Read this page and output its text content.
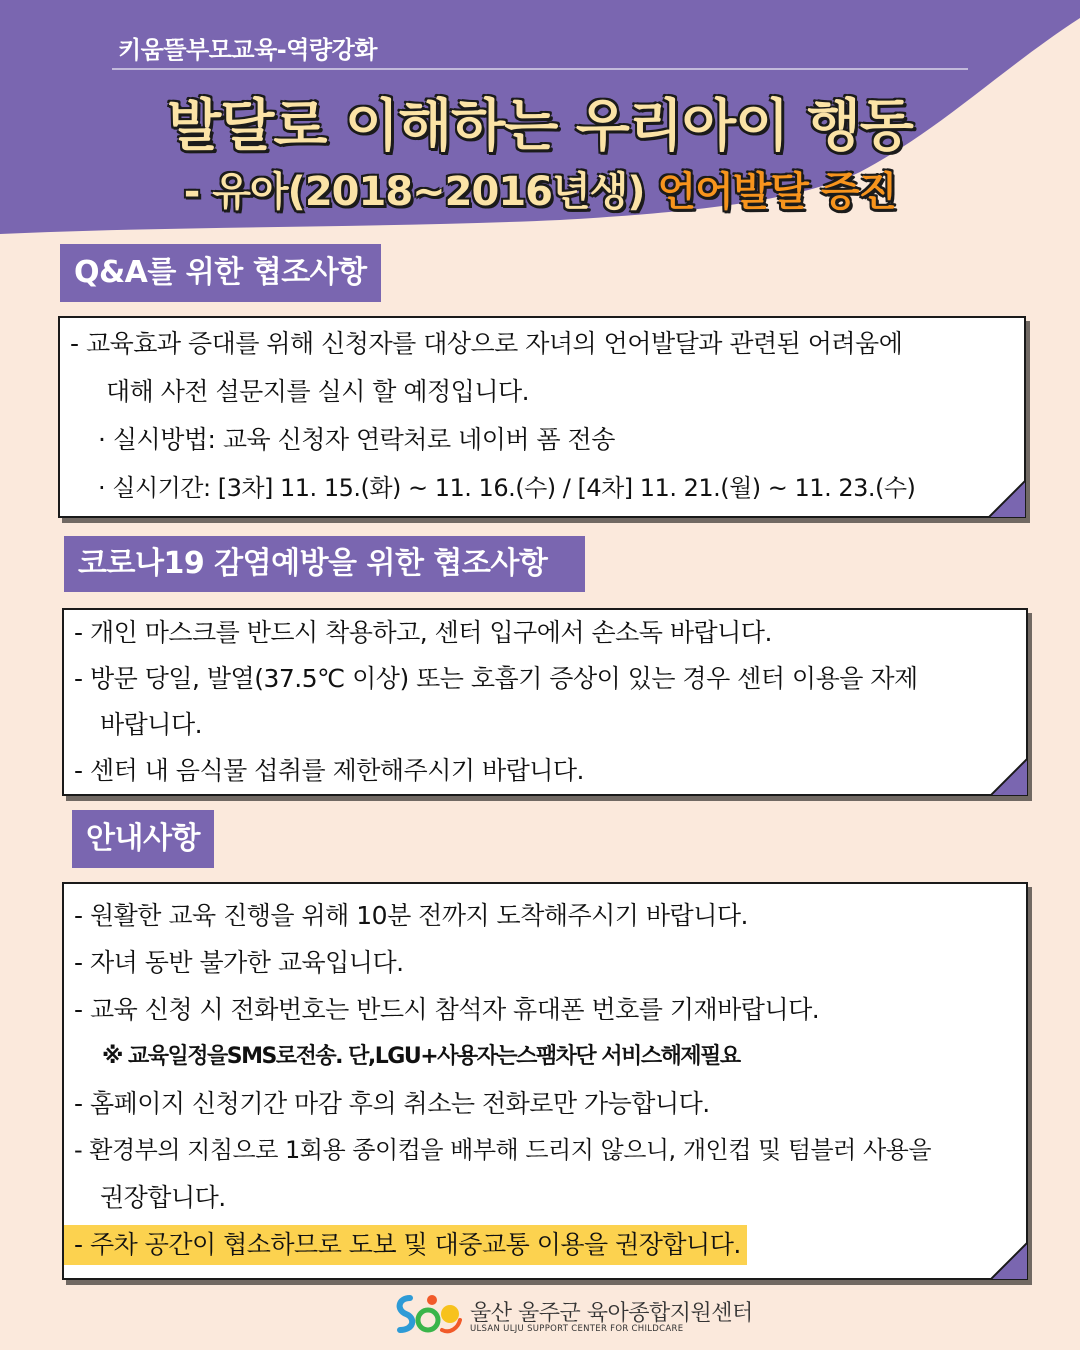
키움뜰부모교육-역량강화
발달로 이해하는 우리아이 행동
- 유아(2018~2016년생) 언어발달 증진
Q&A를 위한 협조사항
- 교육효과 증대를 위해 신청자를 대상으로 자녀의 언어발달과 관련된 어려움에
대해 사전 설문지를 실시 할 예정입니다.
· 실시방법: 교육 신청자 연락처로 네이버 폼 전송
· 실시기간: [3차] 11. 15.(화) ~ 11. 16.(수) / [4차] 11. 21.(월) ~ 11. 23.(수)
코로나19 감염예방을 위한 협조사항
- 개인 마스크를 반드시 착용하고, 센터 입구에서 손소독 바랍니다.
- 방문 당일, 발열(37.5℃ 이상) 또는 호흡기 증상이 있는 경우 센터 이용을 자제
바랍니다.
- 센터 내 음식물 섭취를 제한해주시기 바랍니다.
안내사항
- 원활한 교육 진행을 위해 10분 전까지 도착해주시기 바랍니다.
- 자녀 동반 불가한 교육입니다.
- 교육 신청 시 전화번호는 반드시 참석자 휴대폰 번호를 기재바랍니다.
※ 교육일정을SMS로전송. 단,LGU+사용자는스팸차단 서비스해제필요
- 홈페이지 신청기간 마감 후의 취소는 전화로만 가능합니다.
- 환경부의 지침으로 1회용 종이컵을 배부해 드리지 않으니, 개인컵 및 텀블러 사용을
권장합니다.
- 주차 공간이 협소하므로 도보 및 대중교통 이용을 권장합니다.
울산 울주군 육아종합지원센터
ULSAN ULJU SUPPORT CENTER FOR CHILDCARE
